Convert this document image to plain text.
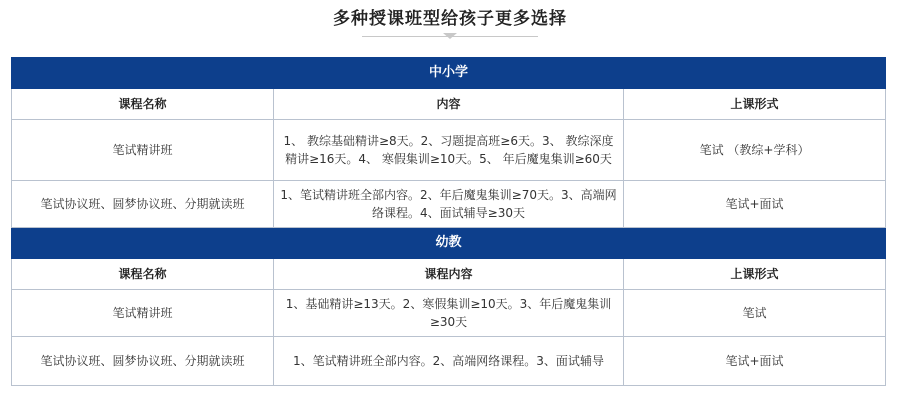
多种授课班型给孩子更多选择
中小学		
课程名称	内容	上课形式
笔试精讲班	1、 教综基础精讲≥8天。2、习题提高班≥6天。3、 教综深度精讲≥16天。4、 寒假集训≥10天。5、 年后魔鬼集训≥60天	笔试 （教综+学科）
笔试协议班、圆梦协议班、分期就读班	1、笔试精讲班全部内容。2、年后魔鬼集训≥70天。3、高端网络课程。4、面试辅导≥30天	笔试+面试
幼教		
课程名称	课程内容	上课形式
笔试精讲班	1、基础精讲≥13天。2、寒假集训≥10天。3、年后魔鬼集训≥30天	笔试
笔试协议班、圆梦协议班、分期就读班	1、笔试精讲班全部内容。2、高端网络课程。3、面试辅导	笔试+面试
